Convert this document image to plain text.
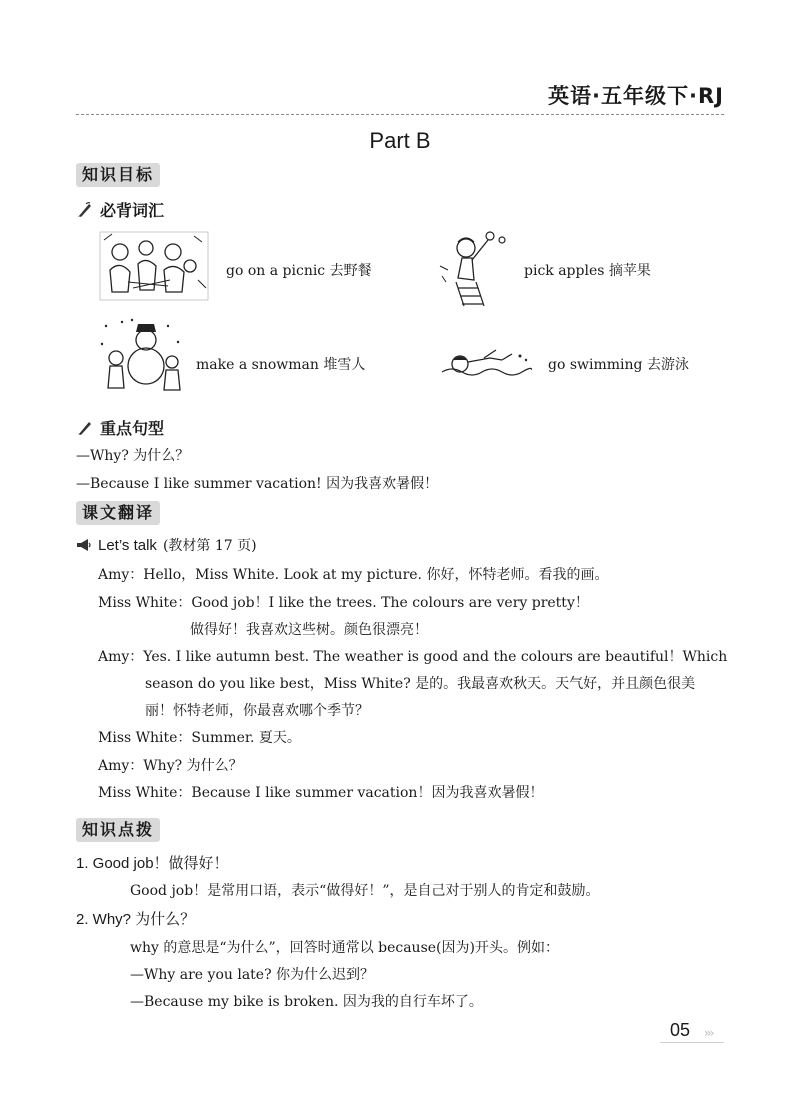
英语·五年级下·RJ
Part B
知识目标
必背词汇
go on a picnic 去野餐	pick apples 摘苹果
make a snowman 堆雪人	go swimming 去游泳
重点句型
—Why? 为什么？
—Because I like summer vacation! 因为我喜欢暑假！
课文翻译
Let’s talk (教材第 17 页)
Amy：Hello，Miss White. Look at my picture. 你好，怀特老师。看我的画。
Miss White：Good job！I like the trees. The colours are very pretty！
做得好！我喜欢这些树。颜色很漂亮！
Amy：Yes. I like autumn best. The weather is good and the colours are beautiful！Which
season do you like best，Miss White? 是的。我最喜欢秋天。天气好，并且颜色很美
丽！怀特老师，你最喜欢哪个季节？
Miss White：Summer. 夏天。
Amy：Why? 为什么？
Miss White：Because I like summer vacation！因为我喜欢暑假！
知识点拨
1. Good job！做得好！
Good job！是常用口语，表示“做得好！”，是自己对于别人的肯定和鼓励。
2. Why? 为什么？
why 的意思是“为什么”，回答时通常以 because(因为)开头。例如：
—Why are you late? 你为什么迟到？
—Because my bike is broken. 因为我的自行车坏了。
05 ›››
